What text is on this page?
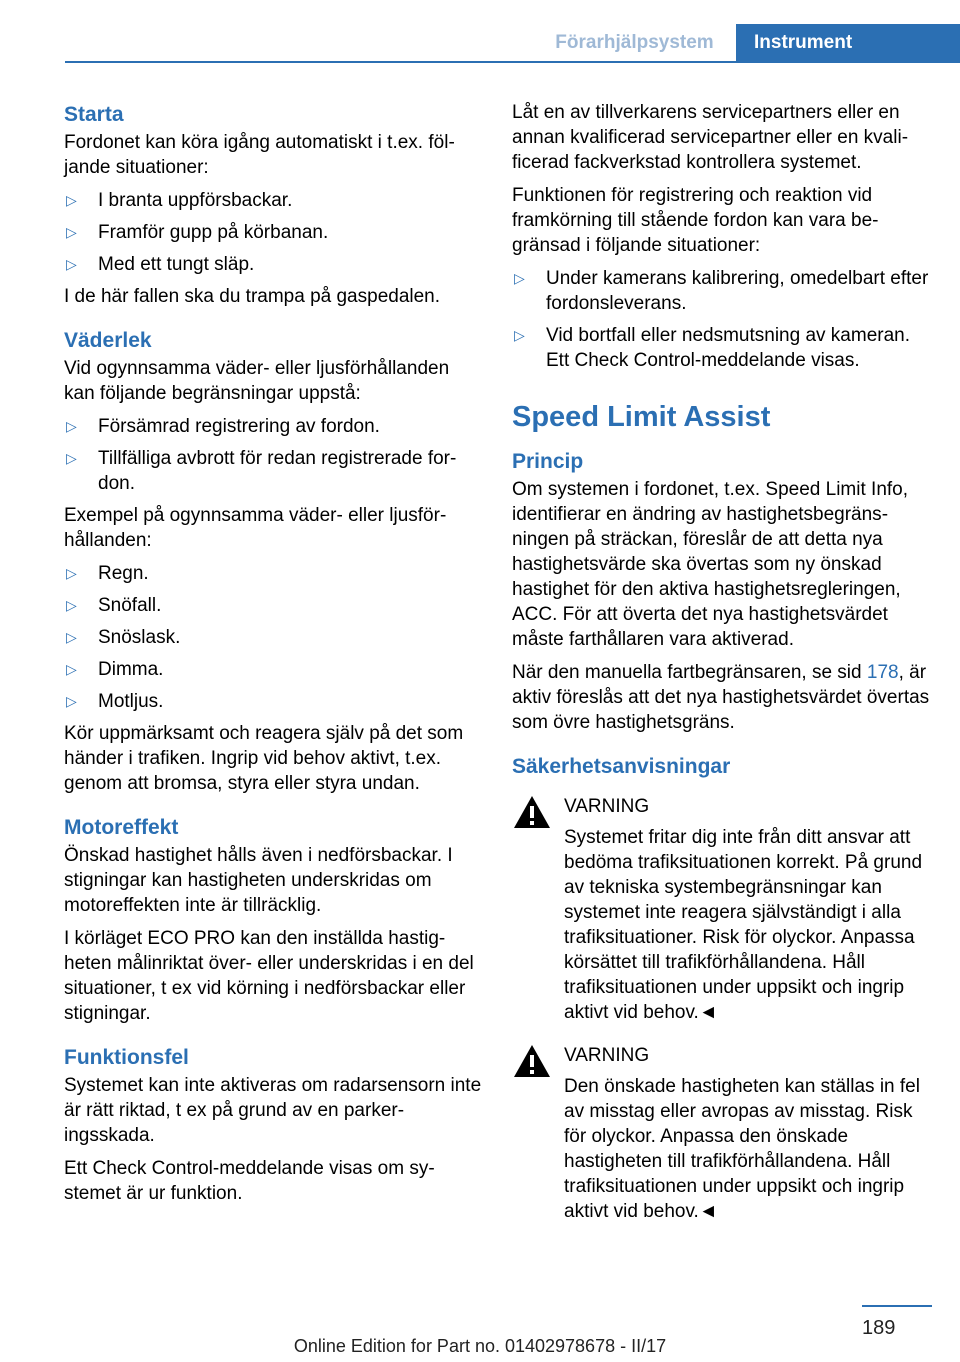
Förarhjälpsystem	Instrument
Starta

Fordonet kan köra igång automatiskt i t.ex. följande situationer:

▷ I branta uppförsbackar.
▷ Framför gupp på körbanan.
▷ Med ett tungt släp.

I de här fallen ska du trampa på gaspedalen.

Väderlek

Vid ogynnsamma väder- eller ljusförhållanden kan följande begränsningar uppstå:

▷ Försämrad registrering av fordon.
▷ Tillfälliga avbrott för redan registrerade fordon.

Exempel på ogynnsamma väder- eller ljusförhållanden:

▷ Regn.
▷ Snöfall.
▷ Snöslask.
▷ Dimma.
▷ Motljus.

Kör uppmärksamt och reagera själv på det som händer i trafiken. Ingrip vid behov aktivt, t.ex. genom att bromsa, styra eller styra undan.

Motoreffekt

Önskad hastighet hålls även i nedförsbackar. I stigningar kan hastigheten underskridas om motoreffekten inte är tillräcklig.

I körläget ECO PRO kan den inställda hastigheten målinriktat över- eller underskridas i en del situationer, t ex vid körning i nedförsbackar eller stigningar.

Funktionsfel

Systemet kan inte aktiveras om radarsensorn inte är rätt riktad, t ex på grund av en parkeringsskada.

Ett Check Control-meddelande visas om systemet är ur funktion.

Låt en av tillverkarens servicepartners eller en annan kvalificerad servicepartner eller en kvalificerad fackverkstad kontrollera systemet.

Funktionen för registrering och reaktion vid framkörning till stående fordon kan vara begränsad i följande situationer:

▷ Under kamerans kalibrering, omedelbart efter fordonsleverans.
▷ Vid bortfall eller nedsmutsning av kameran. Ett Check Control-meddelande visas.
Speed Limit Assist
Princip

Om systemen i fordonet, t.ex. Speed Limit Info, identifierar en ändring av hastighetsbegränsningen på sträckan, föreslår de att detta nya hastighetsvärde ska övertas som ny önskad hastighet för den aktiva hastighetsregleringen, ACC. För att överta det nya hastighetsvärdet måste farthållaren vara aktiverad.

När den manuella fartbegränsaren, se sid 178, är aktiv föreslås att det nya hastighetsvärdet övertas som övre hastighetsgräns.

Säkerhetsanvisningar
VARNING
Systemet fritar dig inte från ditt ansvar att bedöma trafiksituationen korrekt. På grund av tekniska systembegränsningar kan systemet inte reagera självständigt i alla trafiksituationer. Risk för olyckor. Anpassa körsättet till trafikförhållandena. Håll trafiksituationen under uppsikt och ingrip aktivt vid behov.◄
VARNING
Den önskade hastigheten kan ställas in fel av misstag eller avropas av misstag. Risk för olyckor. Anpassa den önskade hastigheten till trafikförhållandena. Håll trafiksituationen under uppsikt och ingrip aktivt vid behov.◄
189
Online Edition for Part no. 01402978678 - II/17
